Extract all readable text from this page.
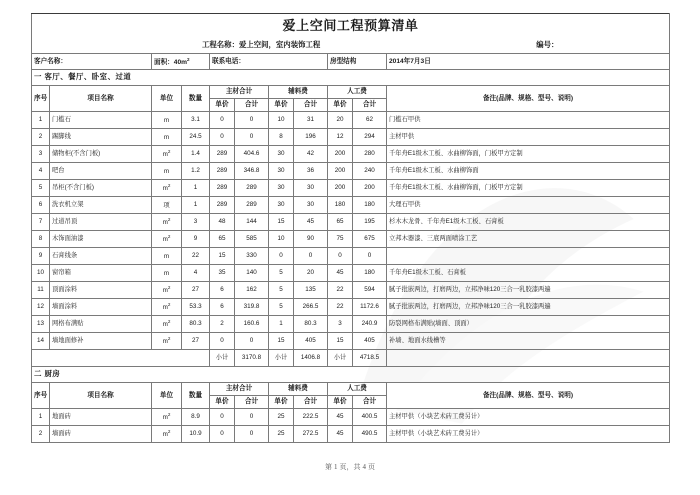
爱上空间工程预算清单										

工程名称：爱上空间，室内装饰工程 编号：										

客户名称：		面积：$40m^2$		联系电话：				房型结构		2014年7月3日
一 客厅、餐厅、卧室、过道										
序号	项目名称	单位	数量	主材合计		辅料费		人工费		备注(品牌、规格、型号、说明)
				单价	合计	单价	合计	单价	合计	
1	门槛石	m	3.1	0	0	10	31	20	62	门槛石甲供
2	踢脚线	m	24.5	0	0	8	196	12	294	主材甲供
3	储物柜(不含门板)	$m^2$	1.4	289	404.6	30	42	200	280	千年舟E1级木工板、水曲柳饰面，门板甲方定制
4	吧台	m	1.2	289	346.8	30	36	200	240	千年舟E1级木工板、水曲柳饰面
5	吊柜(不含门板)	$m^2$	1	289	289	30	30	200	200	千年舟E1级木工板、水曲柳饰面，门板甲方定制
6	洗衣机立架	项	1	289	289	30	30	180	180	大理石甲供
7	过道吊顶	$m^2$	3	48	144	15	45	65	195	杉木木龙骨、千年舟E1级木工板、石膏板
8	木饰面油漆	$m^2$	9	65	585	10	90	75	675	立邦木器漆、三底两面喷涂工艺
9	石膏线条	m	22	15	330	0	0	0	0	
10	窗帘箱	m	4	35	140	5	20	45	180	千年舟E1级木工板、石膏板
11	顶面涂料	$m^2$	27	6	162	5	135	22	594	腻子批嵌两边，打磨两边，立邦净味120三合一乳胶漆两遍
12	墙面涂料	$m^2$	53.3	6	319.8	5	266.5	22	1172.6	腻子批嵌两边，打磨两边，立邦净味120三合一乳胶漆两遍
13	网格布满贴	$m^2$	80.3	2	160.6	1	80.3	3	240.9	防裂网格布满贴(墙面、顶面）
14	墙地面修补	$m^2$	27	0	0	15	405	15	405	补墙、地面水线槽等
				小计	3170.8	小计	1406.8	小计	4718.5	
二 厨房										
序号	项目名称	单位	数量	主材合计		辅料费		人工费		备注(品牌、规格、型号、说明)
				单价	合计	单价	合计	单价	合计	
1	地面砖	$m^2$	8.9	0	0	25	222.5	45	400.5	主材甲供（小块艺术砖工费另计）
2	墙面砖	$m^2$	10.9	0	0	25	272.5	45	490.5	主材甲供（小块艺术砖工费另计）
第 1 页，共 4 页
